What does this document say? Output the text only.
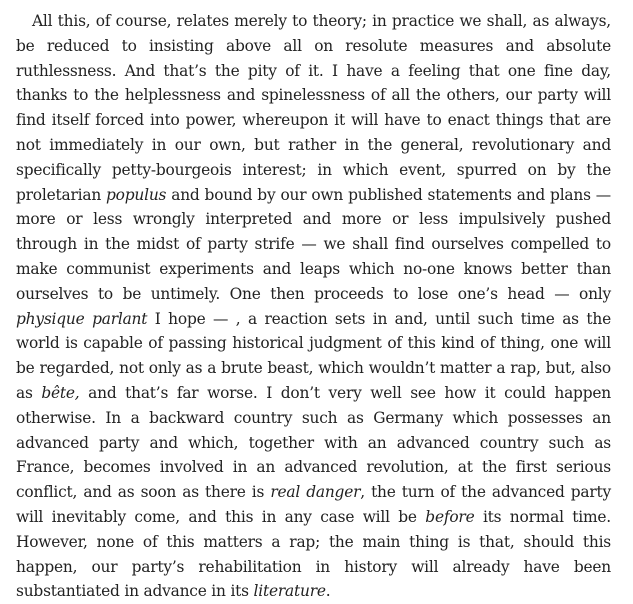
All this, of course, relates merely to theory; in practice we shall, as always, be reduced to insisting above all on resolute measures and absolute ruthlessness. And that’s the pity of it. I have a feeling that one fine day, thanks to the helplessness and spinelessness of all the others, our party will find itself forced into power, whereupon it will have to enact things that are not immediately in our own, but rather in the general, revolutionary and specifically petty-bourgeois interest; in which event, spurred on by the proletarian populus and bound by our own published statements and plans — more or less wrongly interpreted and more or less impulsively pushed through in the midst of party strife — we shall find ourselves compelled to make communist experiments and leaps which no-one knows better than ourselves to be untimely. One then proceeds to lose one’s head — only physique parlant I hope — , a reaction sets in and, until such time as the world is capable of passing historical judgment of this kind of thing, one will be regarded, not only as a brute beast, which wouldn’t matter a rap, but, also as bête, and that’s far worse. I don’t very well see how it could happen otherwise. In a backward country such as Germany which possesses an advanced party and which, together with an advanced country such as France, becomes involved in an advanced revolution, at the first serious conflict, and as soon as there is real danger, the turn of the advanced party will inevitably come, and this in any case will be before its normal time. However, none of this matters a rap; the main thing is that, should this happen, our party’s rehabilitation in history will already have been substantiated in advance in its literature.
